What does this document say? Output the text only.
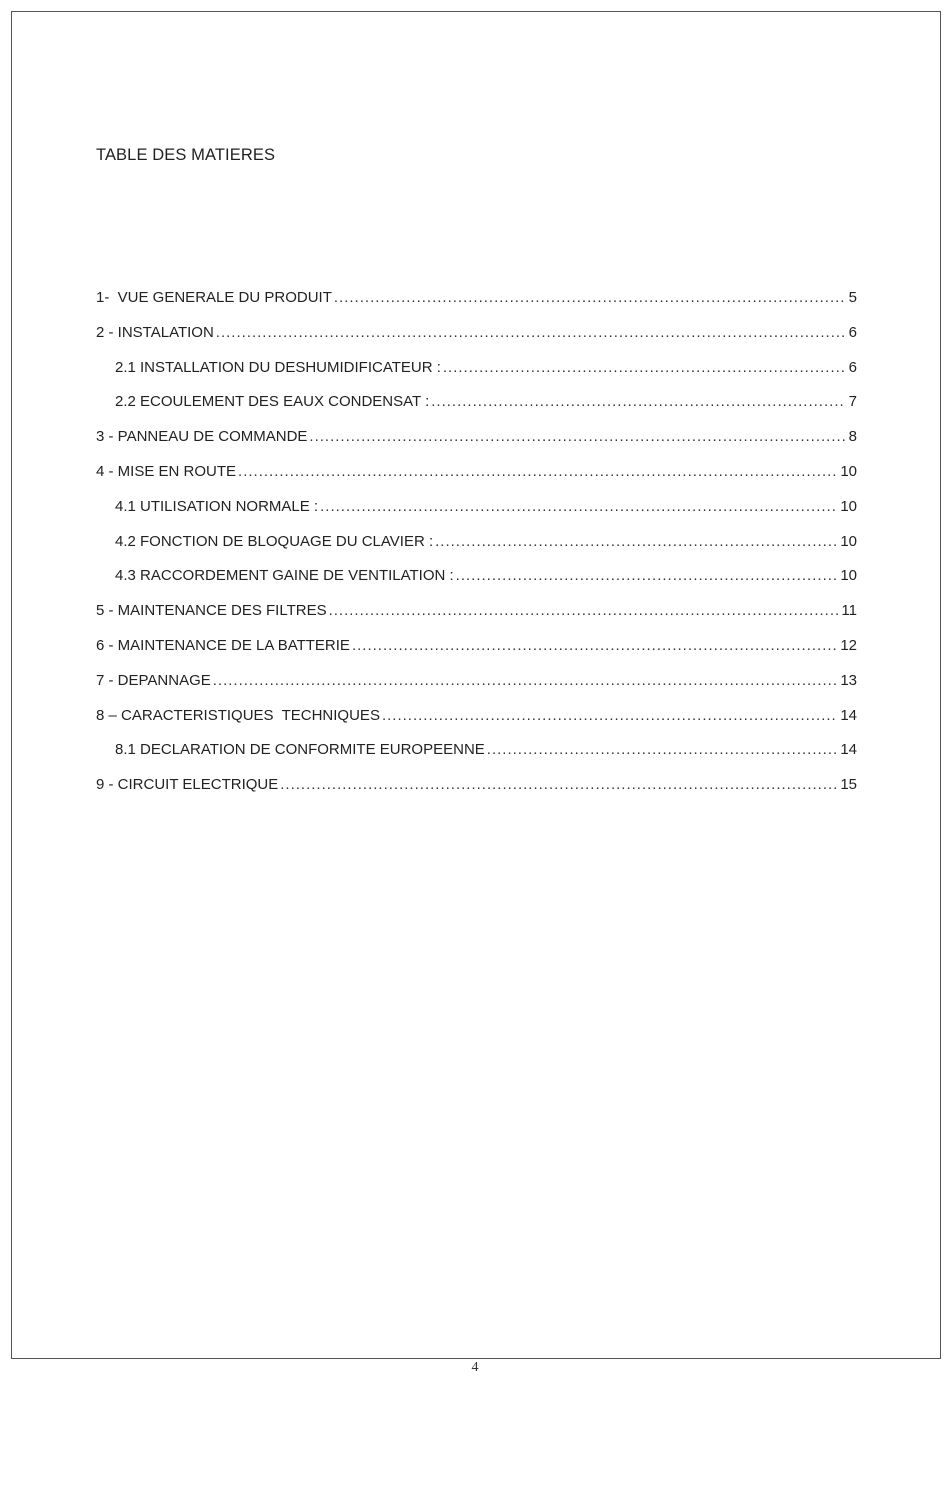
TABLE DES MATIERES
1-  VUE GENERALE DU PRODUIT .....	5
2 - INSTALATION .....	6
2.1 INSTALLATION DU DESHUMIDIFICATEUR : .....	6
2.2 ECOULEMENT DES EAUX CONDENSAT : .....	7
3 - PANNEAU DE COMMANDE .....	8
4 - MISE EN ROUTE .....	10
4.1 UTILISATION NORMALE : .....	10
4.2 FONCTION DE BLOQUAGE DU CLAVIER : .....	10
4.3 RACCORDEMENT GAINE DE VENTILATION : .....	10
5 - MAINTENANCE DES FILTRES .....	11
6 - MAINTENANCE DE LA BATTERIE .....	12
7 - DEPANNAGE .....	13
8 – CARACTERISTIQUES  TECHNIQUES .....	14
8.1 DECLARATION DE CONFORMITE EUROPEENNE .....	14
9 - CIRCUIT ELECTRIQUE .....	15
4
